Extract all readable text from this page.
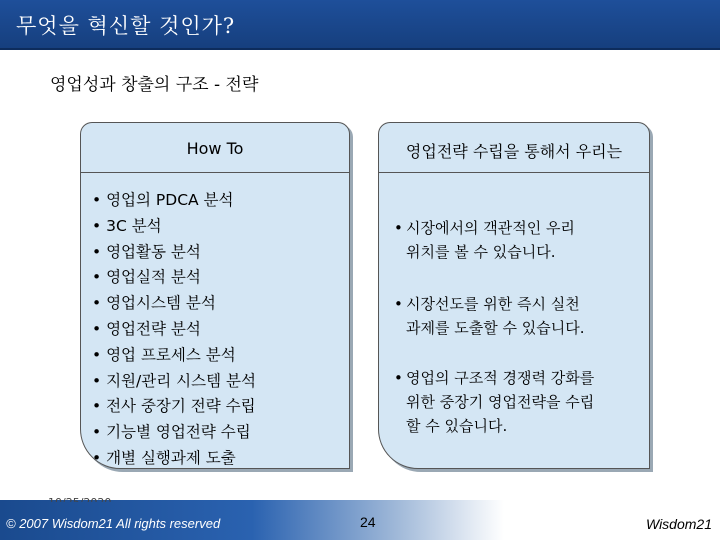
무엇을 혁신할 것인가?
영업성과 창출의 구조 - 전략
How To
• 영업의 PDCA 분석
• 3C 분석
• 영업활동 분석
• 영업실적 분석
• 영업시스템 분석
• 영업전략 분석
• 영업 프로세스 분석
• 지원/관리 시스템 분석
• 전사 중장기 전략 수립
• 기능별 영업전략 수립
• 개별 실행과제 도출
영업전략 수립을 통해서 우리는
• 시장에서의 객관적인 우리
위치를 볼 수 있습니다.
• 시장선도를 위한 즉시 실천
과제를 도출할 수 있습니다.
• 영업의 구조적 경쟁력 강화를
위한 중장기 영업전략을 수립
할 수 있습니다.
© 2007 Wisdom21 All rights reserved	24	Wisdom21
